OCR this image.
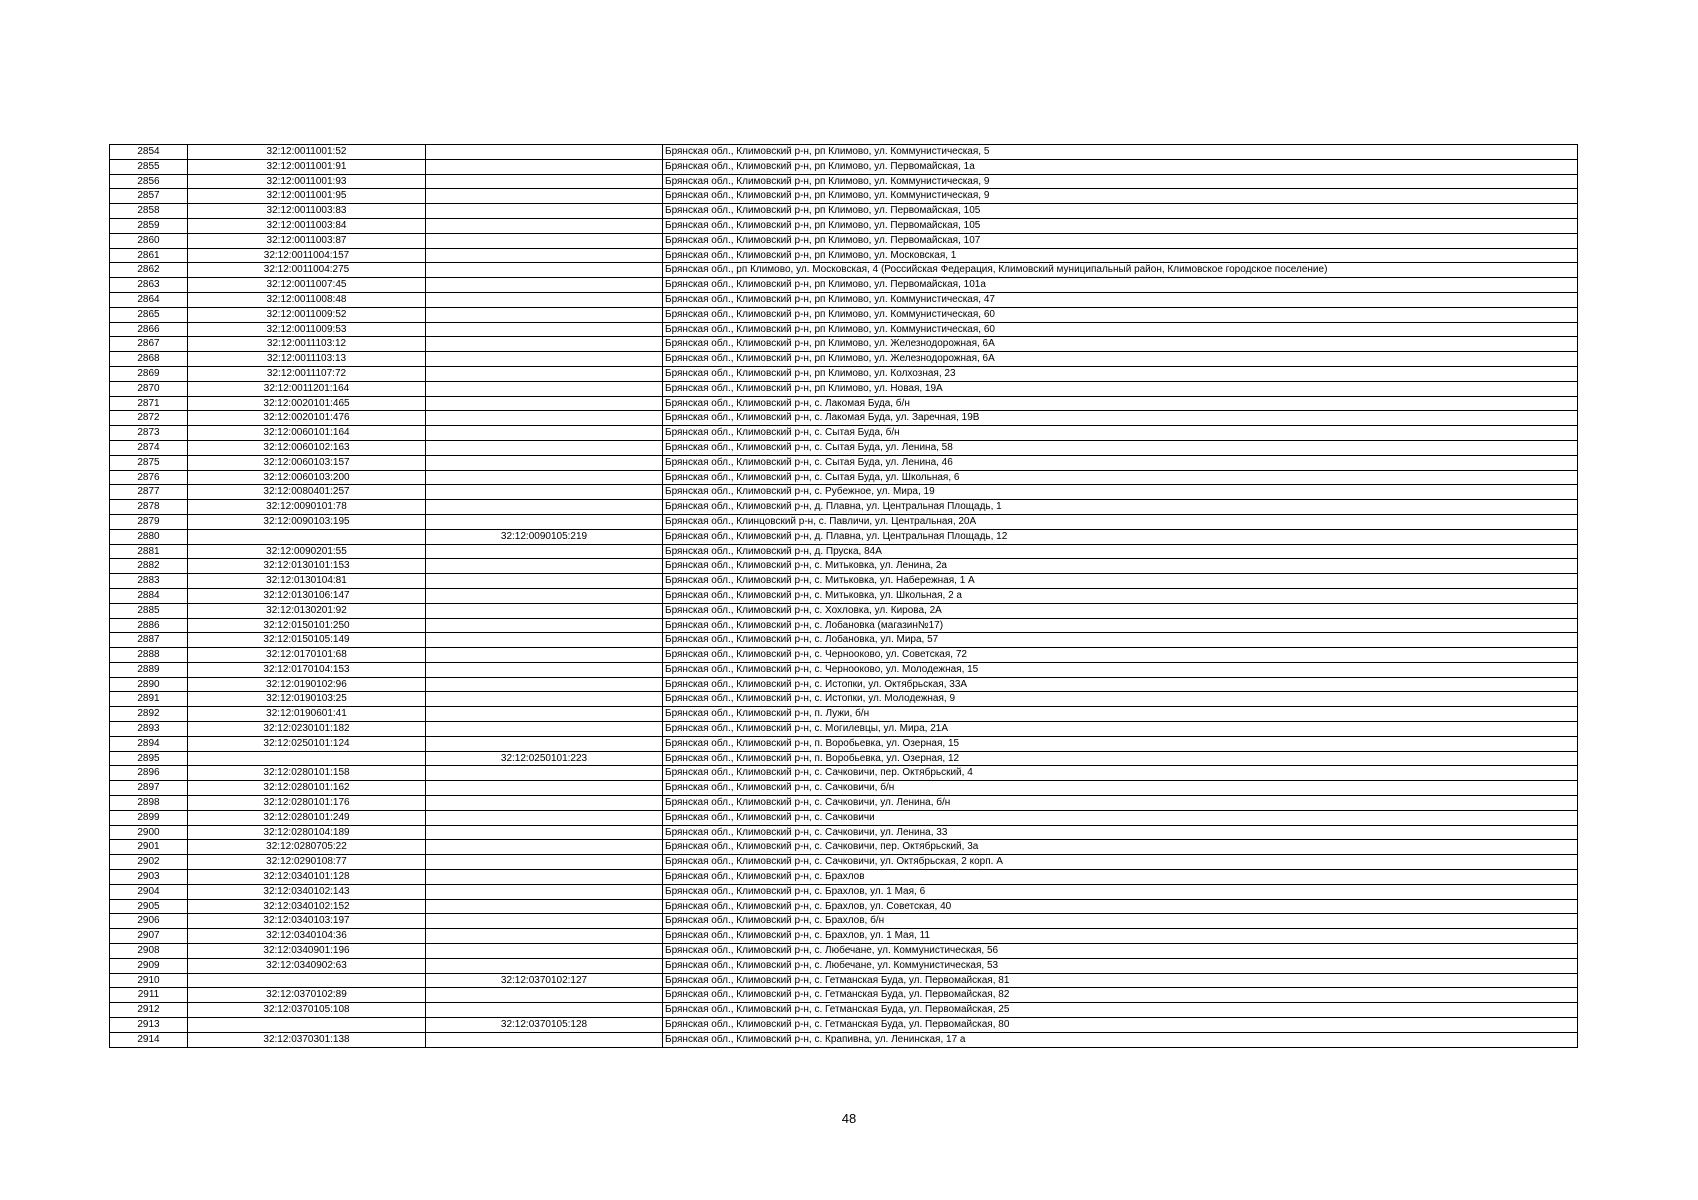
2854	32:12:0011001:52		Брянская обл., Климовский р-н, рп Климово, ул. Коммунистическая, 5
2855	32:12:0011001:91		Брянская обл., Климовский р-н, рп Климово, ул. Первомайская, 1а
2856	32:12:0011001:93		Брянская обл., Климовский р-н, рп Климово, ул. Коммунистическая, 9
2857	32:12:0011001:95		Брянская обл., Климовский р-н, рп Климово, ул. Коммунистическая, 9
2858	32:12:0011003:83		Брянская обл., Климовский р-н, рп Климово, ул. Первомайская, 105
2859	32:12:0011003:84		Брянская обл., Климовский р-н, рп Климово, ул. Первомайская, 105
2860	32:12:0011003:87		Брянская обл., Климовский р-н, рп Климово, ул. Первомайская, 107
2861	32:12:0011004:157		Брянская обл., Климовский р-н, рп Климово, ул. Московская, 1
2862	32:12:0011004:275		Брянская обл., рп Климово, ул. Московская, 4 (Российская Федерация, Климовский муниципальный район, Климовское городское поселение)
2863	32:12:0011007:45		Брянская обл., Климовский р-н, рп Климово, ул. Первомайская, 101а
2864	32:12:0011008:48		Брянская обл., Климовский р-н, рп Климово, ул. Коммунистическая, 47
2865	32:12:0011009:52		Брянская обл., Климовский р-н, рп Климово, ул. Коммунистическая, 60
2866	32:12:0011009:53		Брянская обл., Климовский р-н, рп Климово, ул. Коммунистическая, 60
2867	32:12:0011103:12		Брянская обл., Климовский р-н, рп Климово, ул. Железнодорожная, 6А
2868	32:12:0011103:13		Брянская обл., Климовский р-н, рп Климово, ул. Железнодорожная, 6А
2869	32:12:0011107:72		Брянская обл., Климовский р-н, рп Климово, ул. Колхозная, 23
2870	32:12:0011201:164		Брянская обл., Климовский р-н, рп Климово, ул. Новая, 19А
2871	32:12:0020101:465		Брянская обл., Климовский р-н, с. Лакомая Буда, б/н
2872	32:12:0020101:476		Брянская обл., Климовский р-н, с. Лакомая Буда, ул. Заречная, 19В
2873	32:12:0060101:164		Брянская обл., Климовский р-н, с. Сытая Буда, б/н
2874	32:12:0060102:163		Брянская обл., Климовский р-н, с. Сытая Буда, ул. Ленина, 58
2875	32:12:0060103:157		Брянская обл., Климовский р-н, с. Сытая Буда, ул. Ленина, 46
2876	32:12:0060103:200		Брянская обл., Климовский р-н, с. Сытая Буда, ул. Школьная, 6
2877	32:12:0080401:257		Брянская обл., Климовский р-н, с. Рубежное, ул. Мира, 19
2878	32:12:0090101:78		Брянская обл., Климовский р-н, д. Плавна, ул. Центральная Площадь, 1
2879	32:12:0090103:195		Брянская обл., Клинцовский р-н, с. Павличи, ул. Центральная, 20А
2880		32:12:0090105:219	Брянская обл., Климовский р-н, д. Плавна, ул. Центральная Площадь, 12
2881	32:12:0090201:55		Брянская обл., Климовский р-н, д. Пруска, 84А
2882	32:12:0130101:153		Брянская обл., Климовский р-н, с. Митьковка, ул. Ленина, 2а
2883	32:12:0130104:81		Брянская обл., Климовский р-н, с. Митьковка, ул. Набережная, 1 А
2884	32:12:0130106:147		Брянская обл., Климовский р-н, с. Митьковка, ул. Школьная, 2 а
2885	32:12:0130201:92		Брянская обл., Климовский р-н, с. Хохловка, ул. Кирова, 2А
2886	32:12:0150101:250		Брянская обл., Климовский р-н, с. Лобановка (магазин№17)
2887	32:12:0150105:149		Брянская обл., Климовский р-н, с. Лобановка, ул. Мира, 57
2888	32:12:0170101:68		Брянская обл., Климовский р-н, с. Чернооково, ул. Советская, 72
2889	32:12:0170104:153		Брянская обл., Климовский р-н, с. Чернооково, ул. Молодежная, 15
2890	32:12:0190102:96		Брянская обл., Климовский р-н, с. Истопки, ул. Октябрьская, 33А
2891	32:12:0190103:25		Брянская обл., Климовский р-н, с. Истопки, ул. Молодежная, 9
2892	32:12:0190601:41		Брянская обл., Климовский р-н, п. Лужи, б/н
2893	32:12:0230101:182		Брянская обл., Климовский р-н, с. Могилевцы, ул. Мира, 21А
2894	32:12:0250101:124		Брянская обл., Климовский р-н, п. Воробьевка, ул. Озерная, 15
2895		32:12:0250101:223	Брянская обл., Климовский р-н, п. Воробьевка, ул. Озерная, 12
2896	32:12:0280101:158		Брянская обл., Климовский р-н, с. Сачковичи, пер. Октябрьский, 4
2897	32:12:0280101:162		Брянская обл., Климовский р-н, с. Сачковичи, б/н
2898	32:12:0280101:176		Брянская обл., Климовский р-н, с. Сачковичи, ул. Ленина, б/н
2899	32:12:0280101:249		Брянская обл., Климовский р-н, с. Сачковичи
2900	32:12:0280104:189		Брянская обл., Климовский р-н, с. Сачковичи, ул. Ленина, 33
2901	32:12:0280705:22		Брянская обл., Климовский р-н, с. Сачковичи, пер. Октябрьский, 3а
2902	32:12:0290108:77		Брянская обл., Климовский р-н, с. Сачковичи, ул. Октябрьская, 2 корп. А
2903	32:12:0340101:128		Брянская обл., Климовский р-н, с. Брахлов
2904	32:12:0340102:143		Брянская обл., Климовский р-н, с. Брахлов, ул. 1 Мая, 6
2905	32:12:0340102:152		Брянская обл., Климовский р-н, с. Брахлов, ул. Советская, 40
2906	32:12:0340103:197		Брянская обл., Климовский р-н, с. Брахлов, б/н
2907	32:12:0340104:36		Брянская обл., Климовский р-н, с. Брахлов, ул. 1 Мая, 11
2908	32:12:0340901:196		Брянская обл., Климовский р-н, с. Любечане, ул. Коммунистическая, 56
2909	32:12:0340902:63		Брянская обл., Климовский р-н, с. Любечане, ул. Коммунистическая, 53
2910		32:12:0370102:127	Брянская обл., Климовский р-н, с. Гетманская Буда, ул. Первомайская, 81
2911	32:12:0370102:89		Брянская обл., Климовский р-н, с. Гетманская Буда, ул. Первомайская, 82
2912	32:12:0370105:108		Брянская обл., Климовский р-н, с. Гетманская Буда, ул. Первомайская, 25
2913		32:12:0370105:128	Брянская обл., Климовский р-н, с. Гетманская Буда, ул. Первомайская, 80
2914	32:12:0370301:138		Брянская обл., Климовский р-н, с. Крапивна, ул. Ленинская, 17 а
48
